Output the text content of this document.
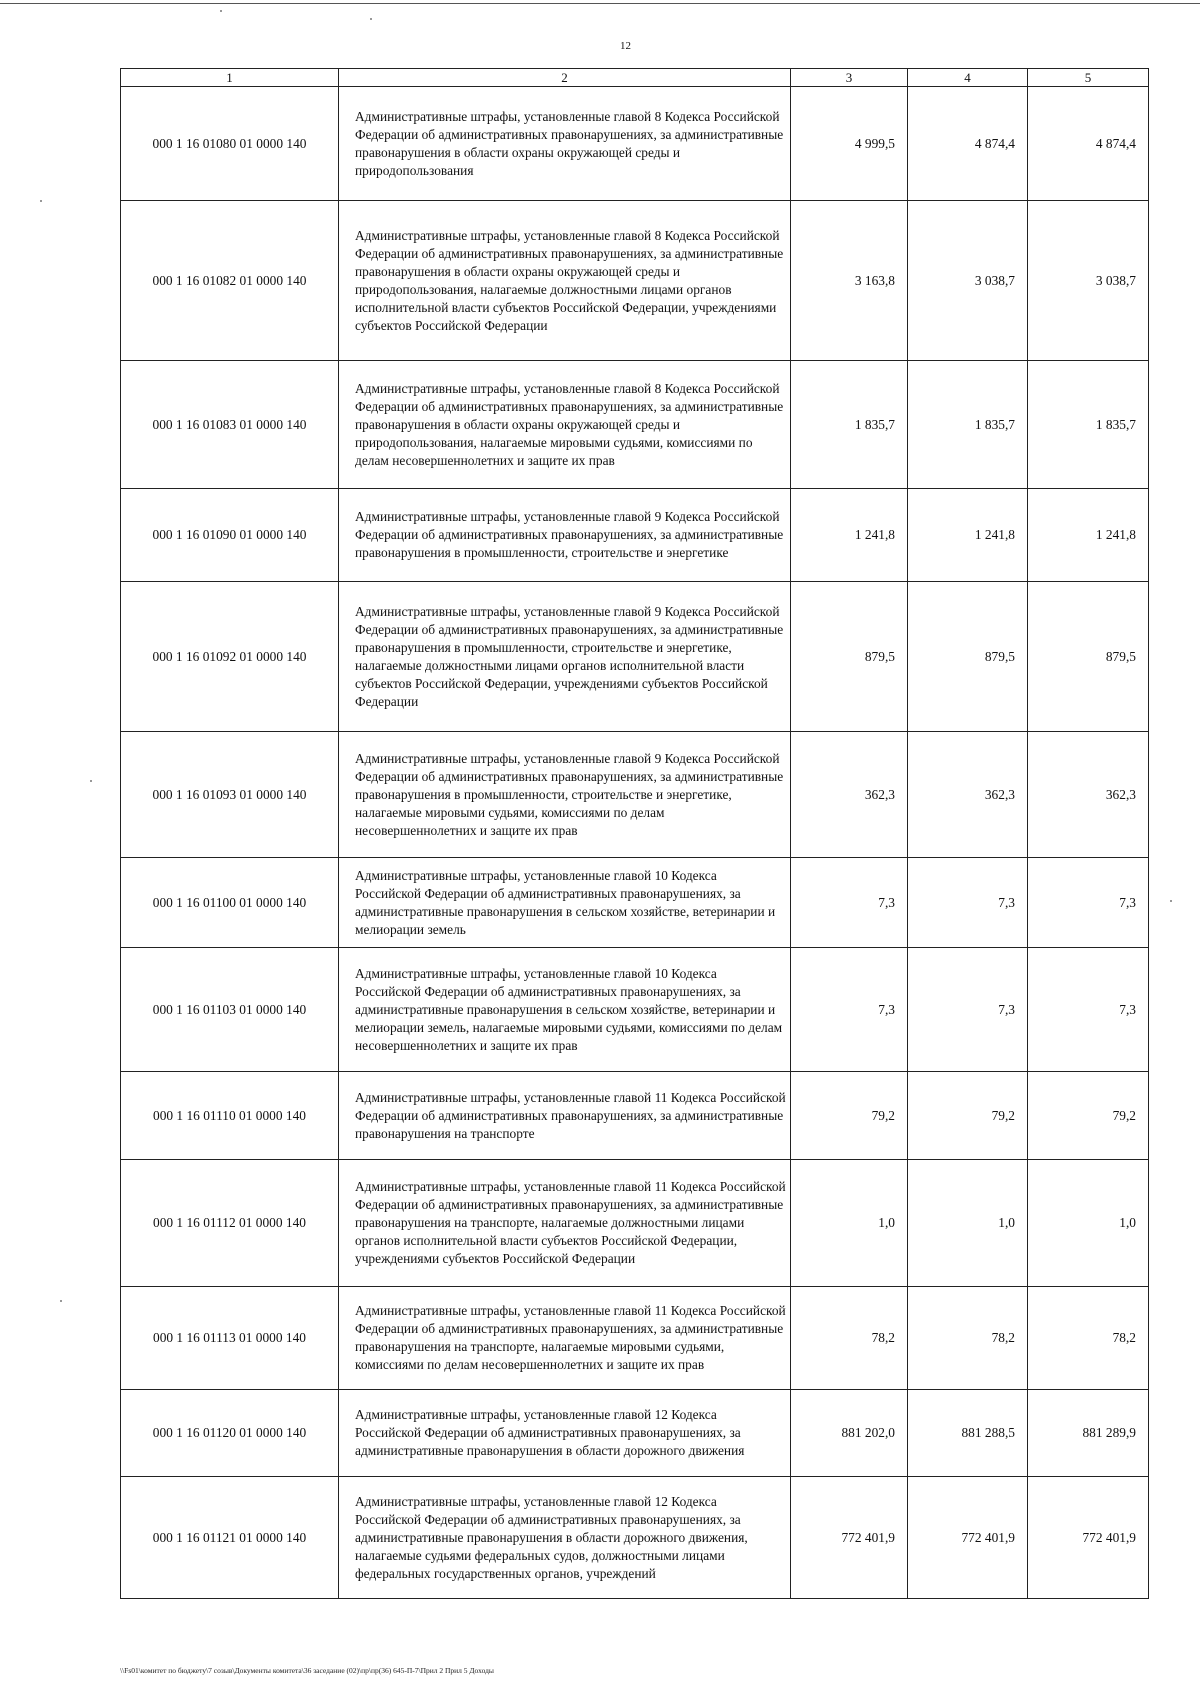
12
1	2	3	4	5
000 1 16 01080 01 0000 140	Административные штрафы, установленные главой 8 Кодекса Российской Федерации об административных правонарушениях, за административные правонарушения в области охраны окружающей среды и природопользования	4 999,5	4 874,4	4 874,4
000 1 16 01082 01 0000 140	Административные штрафы, установленные главой 8 Кодекса Российской Федерации об административных правонарушениях, за административные правонарушения в области охраны окружающей среды и природопользования, налагаемые должностными лицами органов исполнительной власти субъектов Российской Федерации, учреждениями субъектов Российской Федерации	3 163,8	3 038,7	3 038,7
000 1 16 01083 01 0000 140	Административные штрафы, установленные главой 8 Кодекса Российской Федерации об административных правонарушениях, за административные правонарушения в области охраны окружающей среды и природопользования, налагаемые мировыми судьями, комиссиями по делам несовершеннолетних и защите их прав	1 835,7	1 835,7	1 835,7
000 1 16 01090 01 0000 140	Административные штрафы, установленные главой 9 Кодекса Российской Федерации об административных правонарушениях, за административные правонарушения в промышленности, строительстве и энергетике	1 241,8	1 241,8	1 241,8
000 1 16 01092 01 0000 140	Административные штрафы, установленные главой 9 Кодекса Российской Федерации об административных правонарушениях, за административные правонарушения в промышленности, строительстве и энергетике, налагаемые должностными лицами органов исполнительной власти субъектов Российской Федерации, учреждениями субъектов Российской Федерации	879,5	879,5	879,5
000 1 16 01093 01 0000 140	Административные штрафы, установленные главой 9 Кодекса Российской Федерации об административных правонарушениях, за административные правонарушения в промышленности, строительстве и энергетике, налагаемые мировыми судьями, комиссиями по делам несовершеннолетних и защите их прав	362,3	362,3	362,3
000 1 16 01100 01 0000 140	Административные штрафы, установленные главой 10 Кодекса Российской Федерации об административных правонарушениях, за административные правонарушения в сельском хозяйстве, ветеринарии и мелиорации земель	7,3	7,3	7,3
000 1 16 01103 01 0000 140	Административные штрафы, установленные главой 10 Кодекса Российской Федерации об административных правонарушениях, за административные правонарушения в сельском хозяйстве, ветеринарии и мелиорации земель, налагаемые мировыми судьями, комиссиями по делам несовершеннолетних и защите их прав	7,3	7,3	7,3
000 1 16 01110 01 0000 140	Административные штрафы, установленные главой 11 Кодекса Российской Федерации об административных правонарушениях, за административные правонарушения на транспорте	79,2	79,2	79,2
000 1 16 01112 01 0000 140	Административные штрафы, установленные главой 11 Кодекса Российской Федерации об административных правонарушениях, за административные правонарушения на транспорте, налагаемые должностными лицами органов исполнительной власти субъектов Российской Федерации, учреждениями субъектов Российской Федерации	1,0	1,0	1,0
000 1 16 01113 01 0000 140	Административные штрафы, установленные главой 11 Кодекса Российской Федерации об административных правонарушениях, за административные правонарушения на транспорте, налагаемые мировыми судьями, комиссиями по делам несовершеннолетних и защите их прав	78,2	78,2	78,2
000 1 16 01120 01 0000 140	Административные штрафы, установленные главой 12 Кодекса Российской Федерации об административных правонарушениях, за административные правонарушения в области дорожного движения	881 202,0	881 288,5	881 289,9
000 1 16 01121 01 0000 140	Административные штрафы, установленные главой 12 Кодекса Российской Федерации об административных правонарушениях, за административные правонарушения в области дорожного движения, налагаемые судьями федеральных судов, должностными лицами федеральных государственных органов, учреждений	772 401,9	772 401,9	772 401,9
\\Fs01\комитет по бюджету\7 созыв\Документы комитета\36 заседание (02)\пр\пр(36) 645-П-7\Прил 2 Прил 5 Доходы
